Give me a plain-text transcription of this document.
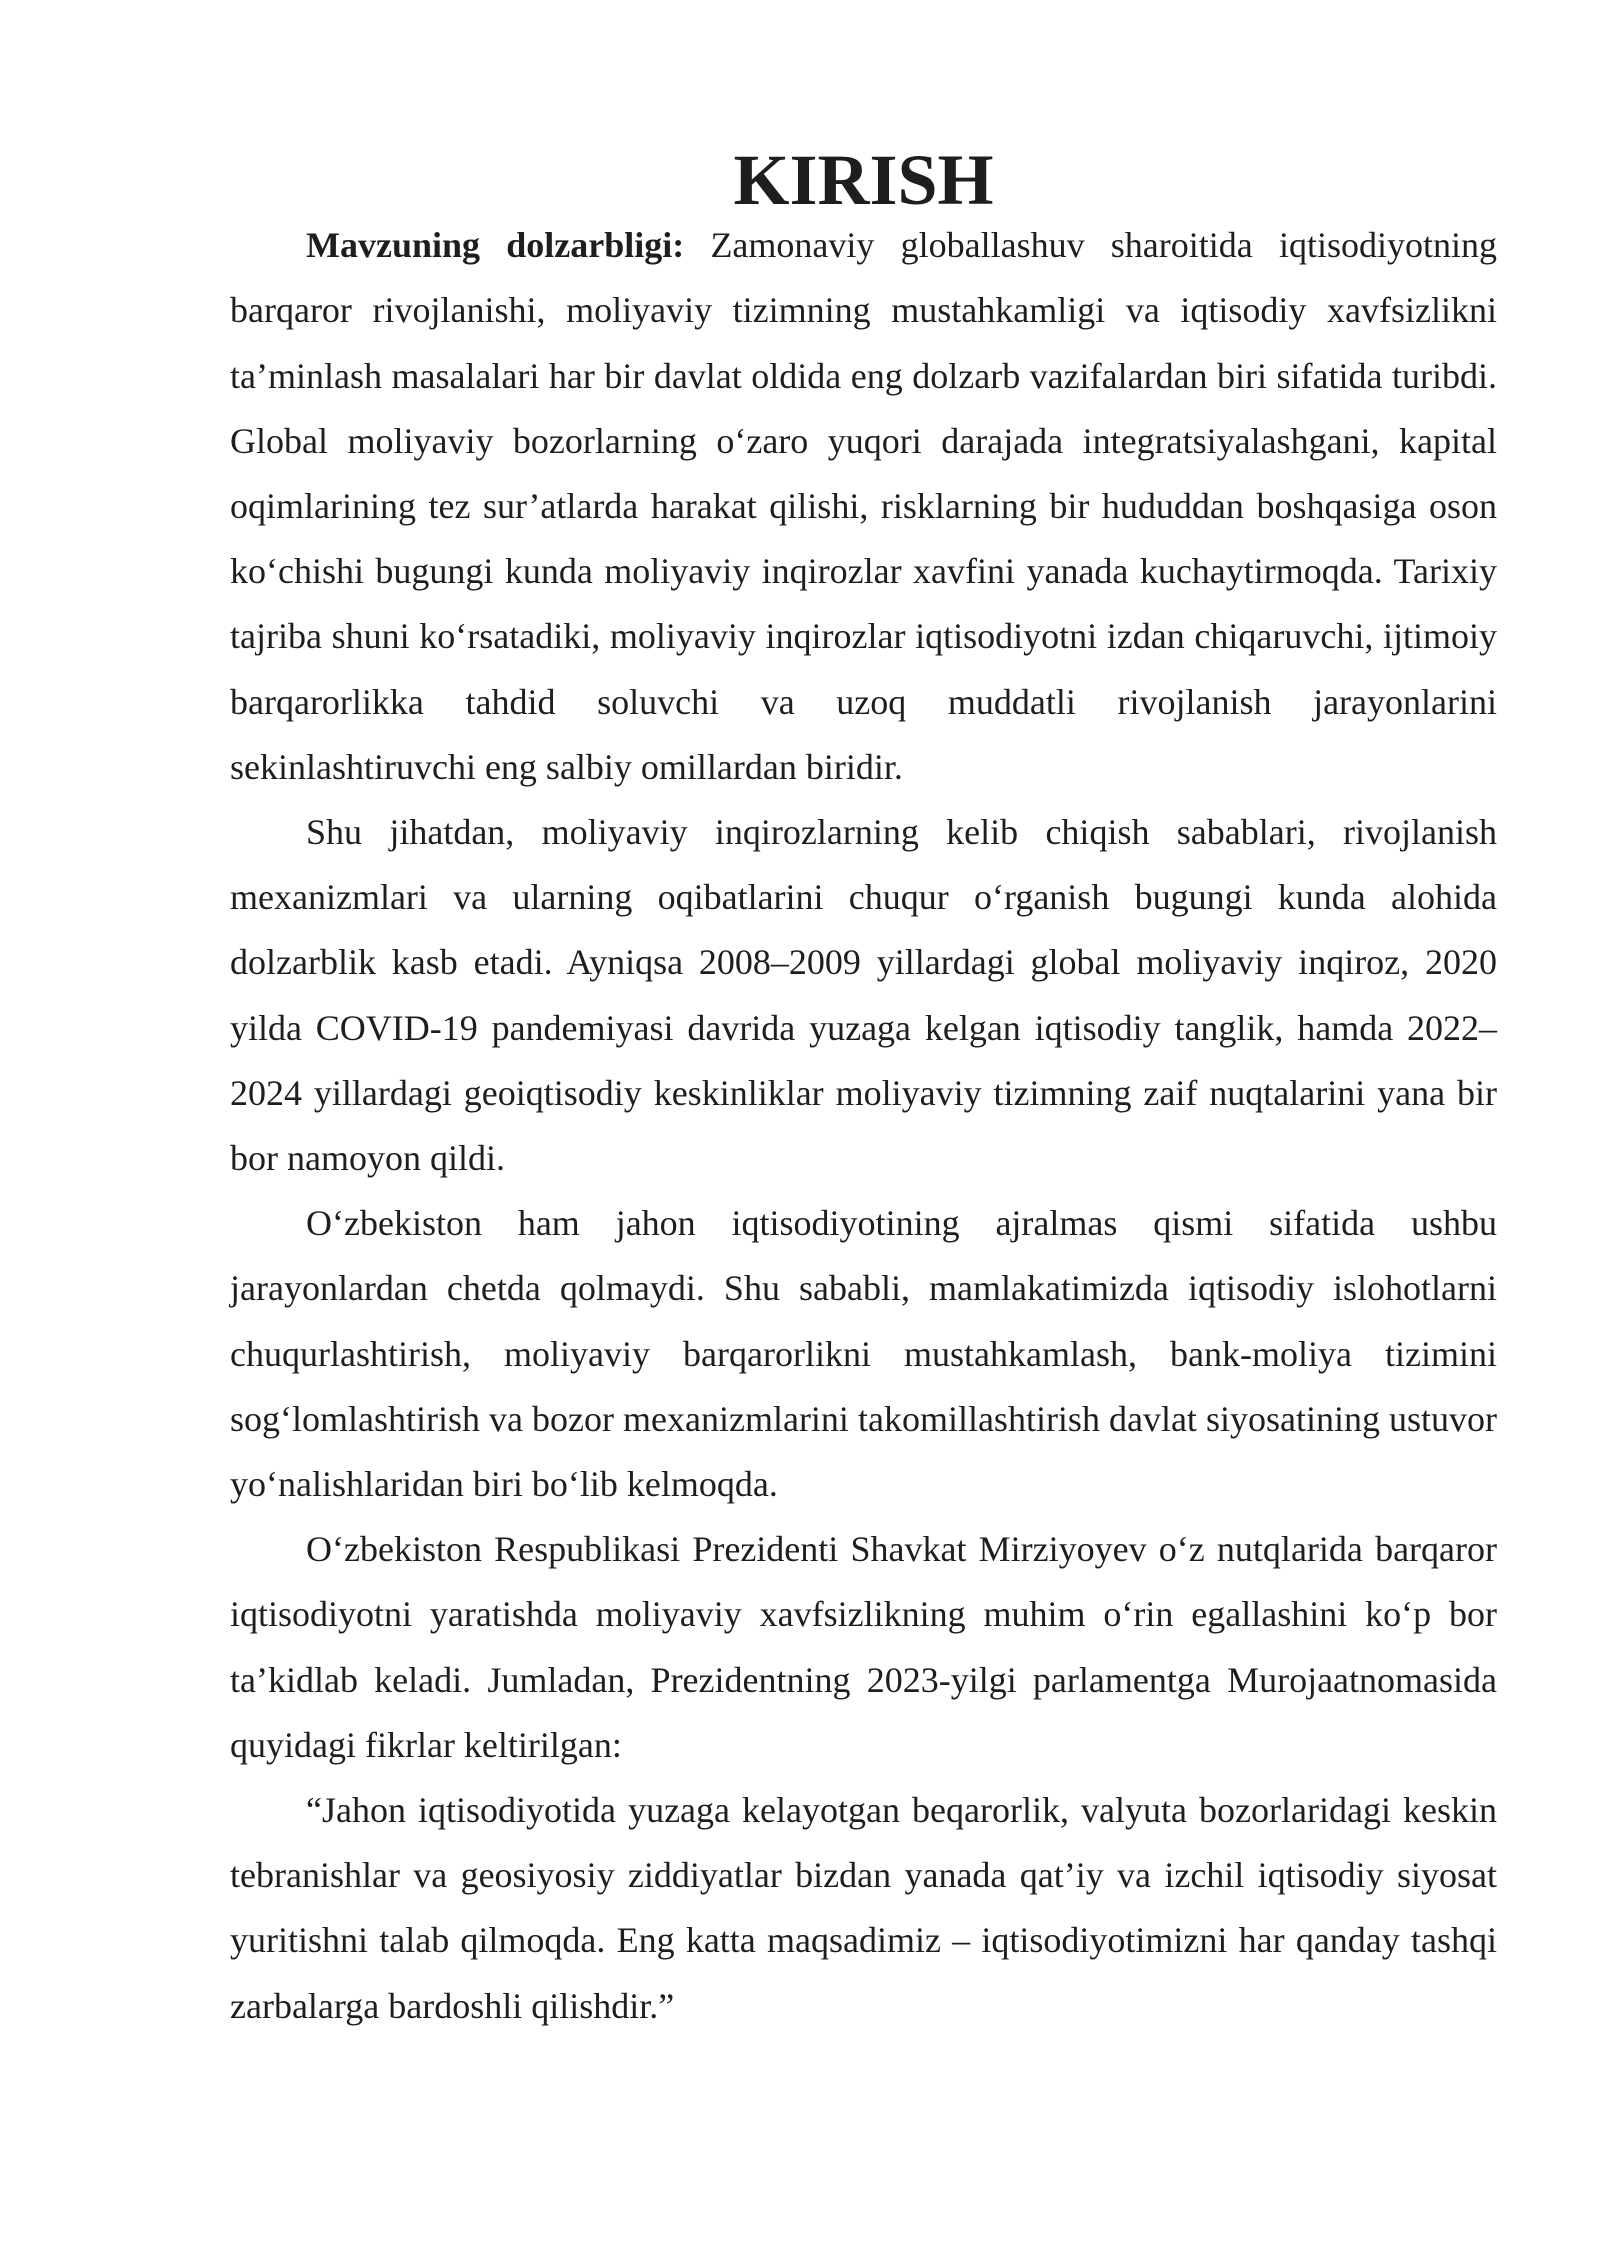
KIRISH

Mavzuning dolzarbligi: Zamonaviy globallashuv sharoitida iqtisodiyotning barqaror rivojlanishi, moliyaviy tizimning mustahkamligi va iqtisodiy xavfsizlikni ta’minlash masalalari har bir davlat oldida eng dolzarb vazifalardan biri sifatida turibdi. Global moliyaviy bozorlarning o‘zaro yuqori darajada integratsiyalashgani, kapital oqimlarining tez sur’atlarda harakat qilishi, risklarning bir hududdan boshqasiga oson ko‘chishi bugungi kunda moliyaviy inqirozlar xavfini yanada kuchaytirmoqda. Tarixiy tajriba shuni ko‘rsatadiki, moliyaviy inqirozlar iqtisodiyotni izdan chiqaruvchi, ijtimoiy barqarorlikka tahdid soluvchi va uzoq muddatli rivojlanish jarayonlarini sekinlashtiruvchi eng salbiy omillardan biridir.

Shu jihatdan, moliyaviy inqirozlarning kelib chiqish sabablari, rivojlanish mexanizmlari va ularning oqibatlarini chuqur o‘rganish bugungi kunda alohida dolzarblik kasb etadi. Ayniqsa 2008–2009 yillardagi global moliyaviy inqiroz, 2020 yilda COVID-19 pandemiyasi davrida yuzaga kelgan iqtisodiy tanglik, hamda 2022–2024 yillardagi geoiqtisodiy keskinliklar moliyaviy tizimning zaif nuqtalarini yana bir bor namoyon qildi.

O‘zbekiston ham jahon iqtisodiyotining ajralmas qismi sifatida ushbu jarayonlardan chetda qolmaydi. Shu sababli, mamlakatimizda iqtisodiy islohotlarni chuqurlashtirish, moliyaviy barqarorlikni mustahkamlash, bank-moliya tizimini sog‘lomlashtirish va bozor mexanizmlarini takomillashtirish davlat siyosatining ustuvor yo‘nalishlaridan biri bo‘lib kelmoqda.

O‘zbekiston Respublikasi Prezidenti Shavkat Mirziyoyev o‘z nutqlarida barqaror iqtisodiyotni yaratishda moliyaviy xavfsizlikning muhim o‘rin egallashini ko‘p bor ta’kidlab keladi. Jumladan, Prezidentning 2023-yilgi parlamentga Murojaatnomasida quyidagi fikrlar keltirilgan:

“Jahon iqtisodiyotida yuzaga kelayotgan beqarorlik, valyuta bozorlaridagi keskin tebranishlar va geosiyosiy ziddiyatlar bizdan yanada qat’iy va izchil iqtisodiy siyosat yuritishni talab qilmoqda. Eng katta maqsadimiz – iqtisodiyotimizni har qanday tashqi zarbalarga bardoshli qilishdir.”
